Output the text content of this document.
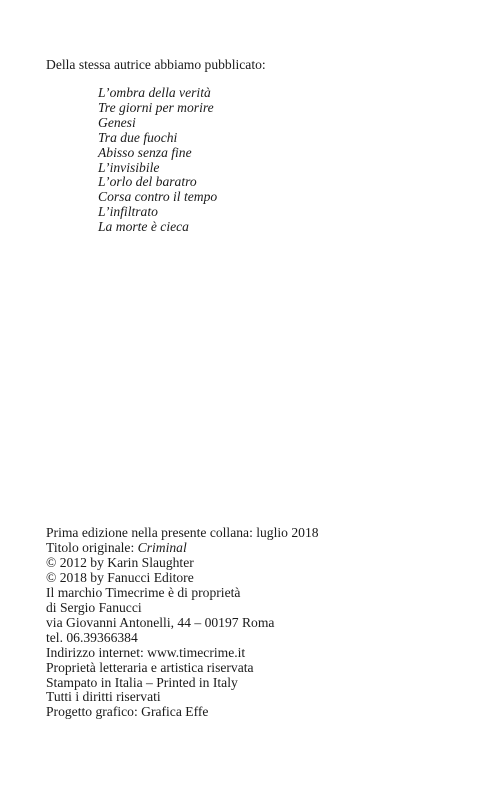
Della stessa autrice abbiamo pubblicato:

L’ombra della verità
Tre giorni per morire
Genesi
Tra due fuochi
Abisso senza fine
L’invisibile
L’orlo del baratro
Corsa contro il tempo
L’infiltrato
La morte è cieca
Prima edizione nella presente collana: luglio 2018
Titolo originale: Criminal
© 2012 by Karin Slaughter
© 2018 by Fanucci Editore
Il marchio Timecrime è di proprietà
di Sergio Fanucci
via Giovanni Antonelli, 44 – 00197 Roma
tel. 06.39366384
Indirizzo internet: www.timecrime.it
Proprietà letteraria e artistica riservata
Stampato in Italia – Printed in Italy
Tutti i diritti riservati
Progetto grafico: Grafica Effe
